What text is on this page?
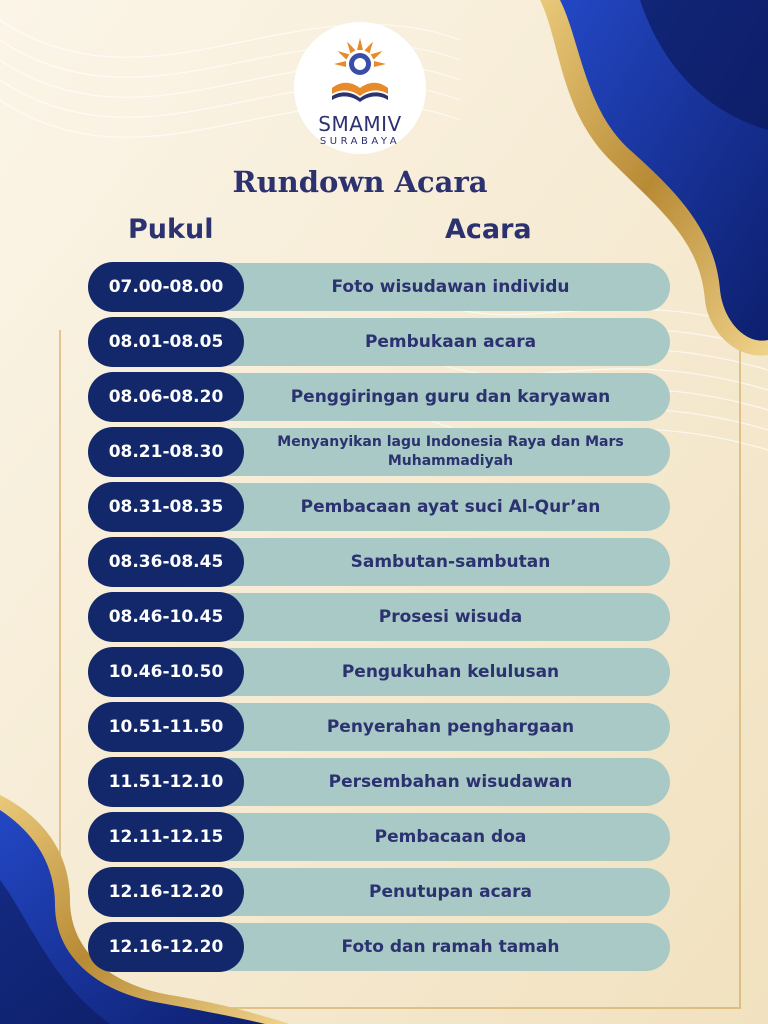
SMAMIV
SURABAYA
Rundown Acara
Pukul	Acara
Foto wisudawan individu
07.00-08.00
Pembukaan acara
08.01-08.05
Penggiringan guru dan karyawan
08.06-08.20
Menyanyikan lagu Indonesia Raya dan Mars Muhammadiyah
08.21-08.30
Pembacaan ayat suci Al-Qur’an
08.31-08.35
Sambutan-sambutan
08.36-08.45
Prosesi wisuda
08.46-10.45
Pengukuhan kelulusan
10.46-10.50
Penyerahan penghargaan
10.51-11.50
Persembahan wisudawan
11.51-12.10
Pembacaan doa
12.11-12.15
Penutupan acara
12.16-12.20
Foto dan ramah tamah
12.16-12.20
